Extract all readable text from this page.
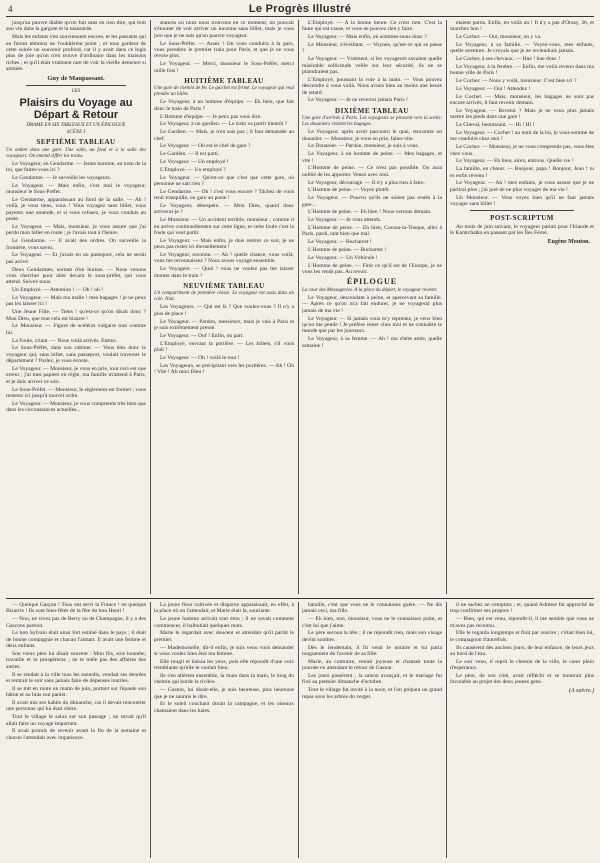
4	Le Progrès Illustré

jusqu'au pauvre diable qu'on fuit sans en rien dire, qui boit son vin dans la gargote et la mansarde.

Mais les enfants s'en souviennent encore, et les passants qui en furent témoins ne l'oublièrent point ; et tous gardent de cette soirée un souvenir profond, car il y avait dans ce logis plus de joie qu'on n'en trouve d'ordinaire dans les maisons riches ; et qu'il était vraiment rare de voir la vieille demeure si animée.

Guy de Maupassant.
LES
Plaisirs du Voyage au Départ & Retour
DRAME EN SIX TABLEAUX ET UN ÉPILOGUE
SCÈNE I
SEPTIÈME TABLEAU

Un ombre dans une gare. Une salle, au fond et à la salle des voyageurs. On entend siffler les trains.

Le Voyageur, en Gendarme. — Jeune homme, au nom de la loi, que faites-vous ici ?

Le Gendarme. — Je surveille les voyageurs.

Le Voyageur. — Mais enfin, c'est moi le voyageur, monsieur le Sous-Préfet.

Le Gendarme, apparaissant au fond de la salle. — Ah ! voilà, je vous tiens, vous ! Vous voyagez sans billet, vous payerez une amende, et si vous refusez, je vous conduis au poste.

Le Voyageur. — Mais, monsieur, je vous assure que j'ai perdu mon billet en route ; je l'avais tout à l'heure.

Le Gendarme. — Il avait des ordres. On surveille la frontière, vous savez.

Le Voyageur. — Et j'avais eu un passeport, cela ne serait pas arrivé.

Deux Gendarmes, sortant d'un bureau. — Nous venons vous chercher pour aller devant le sous-préfet, qui vous attend. Suivez-nous.

Un Employé. — Attention ! — Oh ! oh !

Le Voyageur. — Mais ma malle ! mes bagages ! je ne peux pas les laisser ici !

Une Jeune Fille. — Tiens ! qu'est-ce qu'on disait donc ? Mon Dieu, que tout cela est bizarre !

Le Monsieur. — Figure de scélérat vulgaire tout comme lui.

La Foule, criant. — Nous voilà arrivés. Entrez.

Le Sous-Préfet, dans son cabinet. — Vous êtes donc le voyageur qui, sans billet, sans passeport, voulait traverser le département ? Parlez, je vous écoute.

Le Voyageur. — Monsieur, je vous en prie, tout ceci est une erreur ; j'ai mes papiers en règle, ma famille m'attend à Paris, et je dois arriver ce soir.

Le Sous-Préfet. — Monsieur, le règlement est formel ; vous resterez ici jusqu'à nouvel ordre.

Le Voyageur. — Monsieur, je vous comprends très bien que dans les circonstances actuelles...

stances où nous nous trouvons en ce moment, on pouvait s'étonner de voir arriver un inconnu sans billet, mais je vous jure que je ne suis qu'un pauvre voyageur.

Le Sous-Préfet. — Assez ! On vous conduira à la gare, vous prendrez le premier train pour Paris, et que je ne vous revoie plus.

Le Voyageur. — Merci, monsieur le Sous-Préfet, merci mille fois !

HUITIÈME TABLEAU

Une gare de chemin de fer. Le guichet est fermé. Le voyageur qui veut prendre un billet.

Le Voyageur, à un homme d'équipe. — Eh bien, que fait donc le train de Paris ?

L'Homme d'équipe. — Je peux pas vous dire.

Le Voyageur, à un gardien. — Le train va partir bientôt ?

Le Gardien. — Mais, je n'en sais pas ; il faut demander au chef.

Le Voyageur. — Où est le chef de gare ?

Le Gardien. — Il est parti.

Le Voyageur. — Un employé !

L'Employé. — Un employé ?

Le Voyageur. — Qu'est-ce que c'est que cette gare, où personne ne sait rien ?

Le Gendarme. — Oh ! c'est vous encore ? Tâchez de vous tenir tranquille, ou gare au poste !

Le Voyageur, désespéré. — Mon Dieu, quand donc arriverai-je ?

Le Monsieur. — Un accident terrible, monsieur ; comme il en arrive continuellement sur cette ligne, et cette foule c'est la foule qui veut partir.

Le Voyageur. — Mais enfin, je dois rentrer ce soir, je ne peux pas rester ici éternellement !

Le Voyageur, reconnu. — Ah ! quelle chance, vous voilà, vous me reconnaissez ? Nous avons voyagé ensemble.

Le Voyageur. — Quoi ! vous ne voulez pas me laisser monter dans le train ?

NEUVIÈME TABLEAU

Un compartiment de première classe. Le voyageur est assis dans un coin. Nuit.

Les Voyageurs. — Qui est là ? Que voulez-vous ? Il n'y a plus de place !

Le Voyageur. — Pardon, messieurs, mais je vais à Paris et je suis extrêmement pressé.

Le Voyageur. — Ouf ! Enfin, on part.

L'Employé, ouvrant la portière. — Les billets, s'il vous plaît !

Le Voyageur. — Oh ! voilà le tour !

Les Voyageurs, se précipitant vers les portières. — Ah ! Oh ! Vite ! Ah mon Dieu !

L'Employé. — A la bonne heure. Ce n'est rien. C'est la faute qui est cause, et vous ne pouvez rien y faire.

Le Voyageur. — Mais enfin, où sommes-nous donc ?

Le Monsieur, s'éveillant. — Voyons, qu'est-ce qui se passe ?

Le Voyageur. — Vraiment, si les voyageurs savaient quelle misérable sollicitude veille sur leur sécurité, ils ne se plaindraient pas.

L'Employé, poussant la voie à la main. — Vous pouvez descendre à vous voilà. Nous avons bien au moins une heure de retard.

Le Voyageur. — Je ne reverrai jamais Paris !

DIXIÈME TABLEAU

Une gare d'arrivée à Paris. Les voyageurs se pressent vers la sortie. Les douaniers visitent les bagages.

Le Voyageur, après avoir parcouru le quai, rencontre un douanier. — Monsieur, je vous en prie, faites vite.

Le Douanier. — Pardon, monsieur, je suis à vous.

Le Voyageur, à un homme de peine. — Mes bagages, et vite !

L'Homme de peine. — Ce n'est pas possible. On aura oublié de les apporter. Venez avec moi.

Le Voyageur, découragé. — Il n'y a plus rien à faire.

L'Homme de peine. — Voyez plutôt.

Le Voyageur. — Pourvu qu'ils ne soient pas restés à la gare...

L'Homme de peine. — Eh bien ! Nous verrons demain.

Le Voyageur. — Je vous attends.

L'Homme de peine. — Eh bien, Corsou-la-Tosque, aller à Paris, pardi, tant bien que mal.

Le Voyageur. — Bucharest !

L'Homme de peine. — Bucharest !

Le Voyageur. — Un Véhicule !

L'Homme de peine. — Finir ce qu'il est de l'Europe, je ne vous les rends pas. Au revoir.

ÉPILOGUE

La cour des Messageries. A la place du départ, le voyageur revient.

Le Voyageur, descendant à peine, et apercevant sa famille. — Après ce qu'on m'a fait endurer, je ne voyagerai plus jamais de ma vie !

Le Voyageur. — Si jamais vous m'y reprenez, je veux bien qu'on me pende ! Je préfère rester chez moi et ne connaître le monde que par les journaux.

Le Voyageur, à sa femme. — Ah ! ma chère amie, quelle semaine !

étaient partis. Enfin, en voilà un ! Il n'y a pas d'Orsay, 36, et marchez bon !

Le Cocher. — Oui, monsieur, on y va.

Le Voyageur, à sa famille. — Voyez-vous, mes enfants, quelle aventure. Je croyais que je ne reviendrais jamais.

Le Cocher, à ses chevaux. — Hue ! hue donc !

Le Voyageur, à la fenêtre. — Enfin, me voilà revenu dans ma bonne ville de Paris !

Le Cocher. — Nous y voilà, monsieur. C'est bien ici ?

Le Voyageur. — Oui ! Attendez !

Le Cocher. — Mais, monsieur, les bagages ne sont pas encore arrivés, il faut revenir demain.

Le Voyageur. — Revenir ? Mais je ne veux plus jamais mettre les pieds dans une gare !

Le Cheval, hennissant. — Hi ! Hi !

Le Voyageur. — Cocher ! au nom de la loi, je vous somme de me conduire chez moi !

Le Cocher. — Monsieur, je ne vous comprends pas, vous êtes chez vous.

Le Voyageur. — Eh bien, alors, entrons. Quelle vie !

La famille, en chœur. — Bonjour, papa ! Bonjour, Jean ! tu es enfin revenu !

Le Voyageur. — Ah ! mes enfants, je vous assure que je ne partirai plus ; j'ai juré de ne plus voyager de ma vie !

Un Monsieur. — Vous voyez bien qu'il ne faut jamais voyager sans billet !

POST-SCRIPTUM

Au mois de juin suivant, le voyageur partait pour l'Irlande et le Kamtchatka en passant par les Îles Féroé.

Eugène Mouton.

— Quelque Garçon ! Tous ont servi la France ! en quelque Bizarrie ! Ils sont bien-fêtés de la fête du bon Henri !

— Non, ne vivez pas de Berry ou de Champagne, il y a des Gascons partout.

Le bon Sylvain était ainsi fort estimé dans le pays ; il était de bonne compagnie et chacun l'aimait. Il avait une femme et deux enfants.

Son vieux père lui disait souvent : Mon fils, sois honnête, travaille et tu prospéreras ; ne te mêle pas des affaires des autres.

Il se rendait à la ville tous les samedis, vendait ses denrées et rentrait le soir sans jamais faire de dépenses inutiles.

Il se mit en route un matin de juin, portant sur l'épaule son bâton et au bras son panier.

Il avait mis ses habits du dimanche, car il devait rencontrer une personne qui lui était chère.

Tout le village le salua sur son passage ; on savait qu'il allait faire un voyage important.

Il avait promis de revenir avant la fin de la semaine et chacun l'attendait avec impatience.

La jeune fleur cultivée et disparue apparaissait, en effet, à la place où on l'attendait, et Marie était là, souriante.

Le jeune homme arrivait tout ému ; il ne savait comment commencer, il balbutiait quelques mots.

Marie le regardait avec douceur et attendait qu'il parlât le premier.

— Mademoiselle, dit-il enfin, je suis venu vous demander si vous voulez bien être ma femme.

Elle rougit et baissa les yeux, puis elle répondit d'une voix tremblante qu'elle le voulait bien.

Ils s'en allèrent ensemble, la main dans la main, le long du chemin qui borde la rivière.

— Gaston, lui disait-elle, je suis heureuse, plus heureuse que je ne saurais le dire.

Et le soleil couchant dorait la campagne, et les oiseaux chantaient dans les haies.

bataille, c'est que vous ne le connaissez guère. — Ne dis jamais ceci, ma fille.

— Eh bien, non, monsieur, vous ne le connaissez point, et c'est lui que j'aime.

Le père secoua la tête ; il ne répondit rien, mais son visage devint sombre.

Dès le lendemain, il fit venir le notaire et lui parla longuement de l'avenir de sa fille.

Marie, au contraire, restait joyeuse et chantait toute la journée en attendant le retour de Gaston.

Les jours passèrent ; la saison avançait, et le mariage fut fixé au premier dimanche d'octobre.

Tout le village fut invité à la noce, et l'on prépara un grand repas sous les arbres du verger.

il ne sachez ne comptiez ; et, quand Adresse fut approché de trop confirmer ses propres !

— Bien, qui est venu, répondit-il, il me semble que vous ne m'avez pas reconnu.

Elle le regarda longtemps et finit par sourire ; c'était bien lui, le compagnon d'autrefois.

Ils causèrent des anciens jours, de leur enfance, de leurs jeux au bord de l'eau.

Le soir venu, il reprit le chemin de la ville, le cœur plein d'espérance.

Le père, de son côté, avait réfléchi et se montrait plus favorable au projet des deux jeunes gens.

(A suivre.)
